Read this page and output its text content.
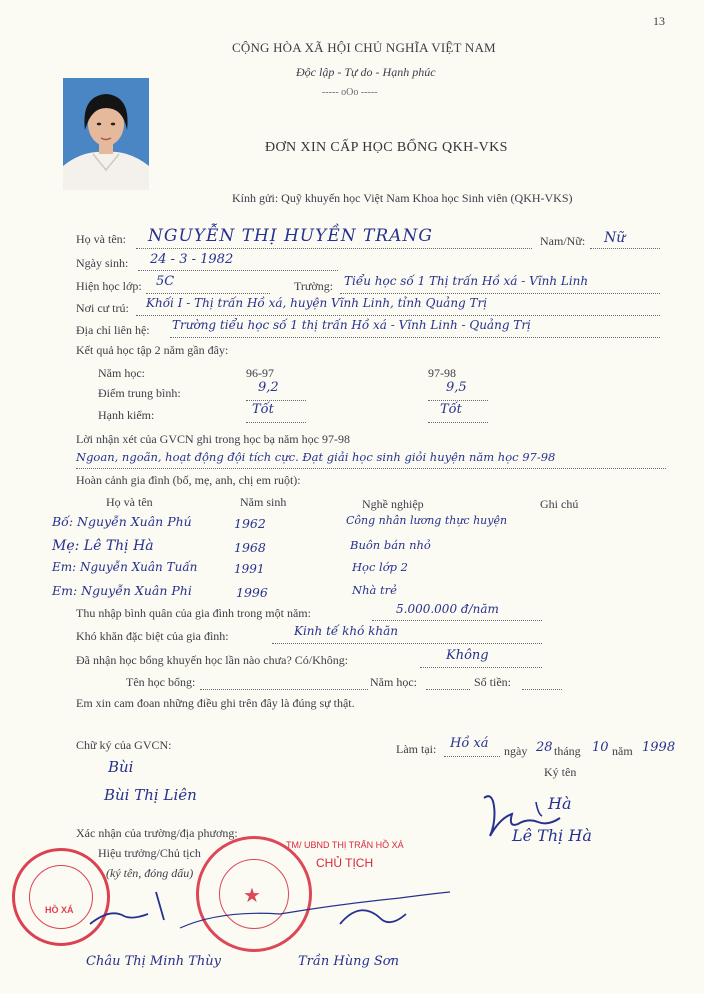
13
CỘNG HÒA XÃ HỘI CHỦ NGHĨA VIỆT NAM
Độc lập - Tự do - Hạnh phúc
----- oOo -----
ĐƠN XIN CẤP HỌC BỔNG QKH-VKS
Kính gửi: Quỹ khuyến học Việt Nam Khoa học Sinh viên (QKH-VKS)
Họ và tên: NGUYỄN THỊ HUYỀN TRANG	Nam/Nữ: Nữ
Ngày sinh: 24 - 3 - 1982
Hiện học lớp: 5C	Trường: Tiểu học số 1 Thị trấn Hồ xá - Vĩnh Linh
Nơi cư trú: Khối I - Thị trấn Hồ xá, huyện Vĩnh Linh, tỉnh Quảng Trị
Địa chỉ liên hệ: Trường tiểu học số 1 thị trấn Hồ xá - Vĩnh Linh - Quảng Trị
Kết quả học tập 2 năm gần đây:
Năm học:	96-97	97-98
Điểm trung bình:	9,2	9,5
Hạnh kiểm:	Tốt	Tốt
Lời nhận xét của GVCN ghi trong học bạ năm học 97-98
Ngoan, ngoãn, hoạt động đội tích cực. Đạt giải học sinh giỏi huyện năm học 97-98
Hoàn cảnh gia đình (bố, mẹ, anh, chị em ruột):
Họ và tên	Năm sinh	Nghề nghiệp	Ghi chú
Bố: Nguyễn Xuân Phú	1962	Công nhân lương thực huyện
Mẹ: Lê Thị Hà	1968	Buôn bán nhỏ
Em: Nguyễn Xuân Tuấn	1991	Học lớp 2
Em: Nguyễn Xuân Phi	1996	Nhà trẻ
Thu nhập bình quân của gia đình trong một năm:	5.000.000 đ/năm
Khó khăn đặc biệt của gia đình:	Kinh tế khó khăn
Đã nhận học bổng khuyến học lần nào chưa? Có/Không:	Không
Tên học bổng:	Năm học:	Số tiền:
Em xin cam đoan những điều ghi trên đây là đúng sự thật.
Chữ ký của GVCN:
Bùi
Bùi Thị Liên
Làm tại: Hồ xá ngày 28 tháng 10 năm 1998
Ký tên
Hà
Lê Thị Hà
Xác nhận của trường/địa phương:
Hiệu trưởng/Chủ tịch
(ký tên, đóng dấu)
HỒ XÁ
★
TM/ UBND THỊ TRẤN HỒ XÁ
CHỦ TỊCH
Châu Thị Minh Thùy	Trần Hùng Sơn
